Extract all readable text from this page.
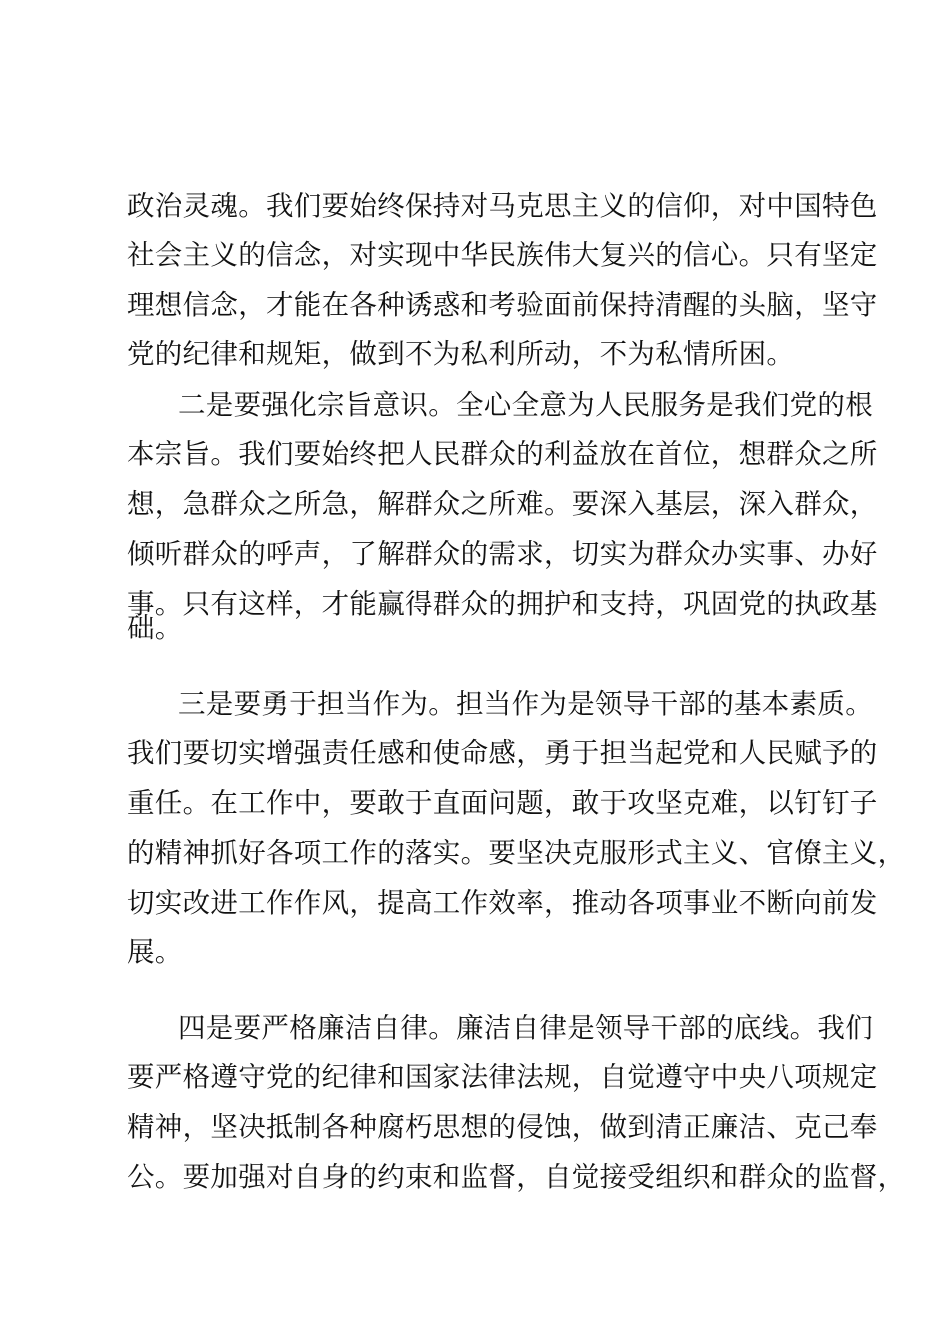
政治灵魂。我们要始终保持对马克思主义的信仰，对中国特色
社会主义的信念，对实现中华民族伟大复兴的信心。只有坚定
理想信念，才能在各种诱惑和考验面前保持清醒的头脑，坚守
党的纪律和规矩，做到不为私利所动，不为私情所困。
二是要强化宗旨意识。全心全意为人民服务是我们党的根
本宗旨。我们要始终把人民群众的利益放在首位，想群众之所
想，急群众之所急，解群众之所难。要深入基层，深入群众，
倾听群众的呼声，了解群众的需求，切实为群众办实事、办好
事。只有这样，才能赢得群众的拥护和支持，巩固党的执政基
础。
三是要勇于担当作为。担当作为是领导干部的基本素质。
我们要切实增强责任感和使命感，勇于担当起党和人民赋予的
重任。在工作中，要敢于直面问题，敢于攻坚克难，以钉钉子
的精神抓好各项工作的落实。要坚决克服形式主义、官僚主义，
切实改进工作作风，提高工作效率，推动各项事业不断向前发
展。
四是要严格廉洁自律。廉洁自律是领导干部的底线。我们
要严格遵守党的纪律和国家法律法规，自觉遵守中央八项规定
精神，坚决抵制各种腐朽思想的侵蚀，做到清正廉洁、克己奉
公。要加强对自身的约束和监督，自觉接受组织和群众的监督，
